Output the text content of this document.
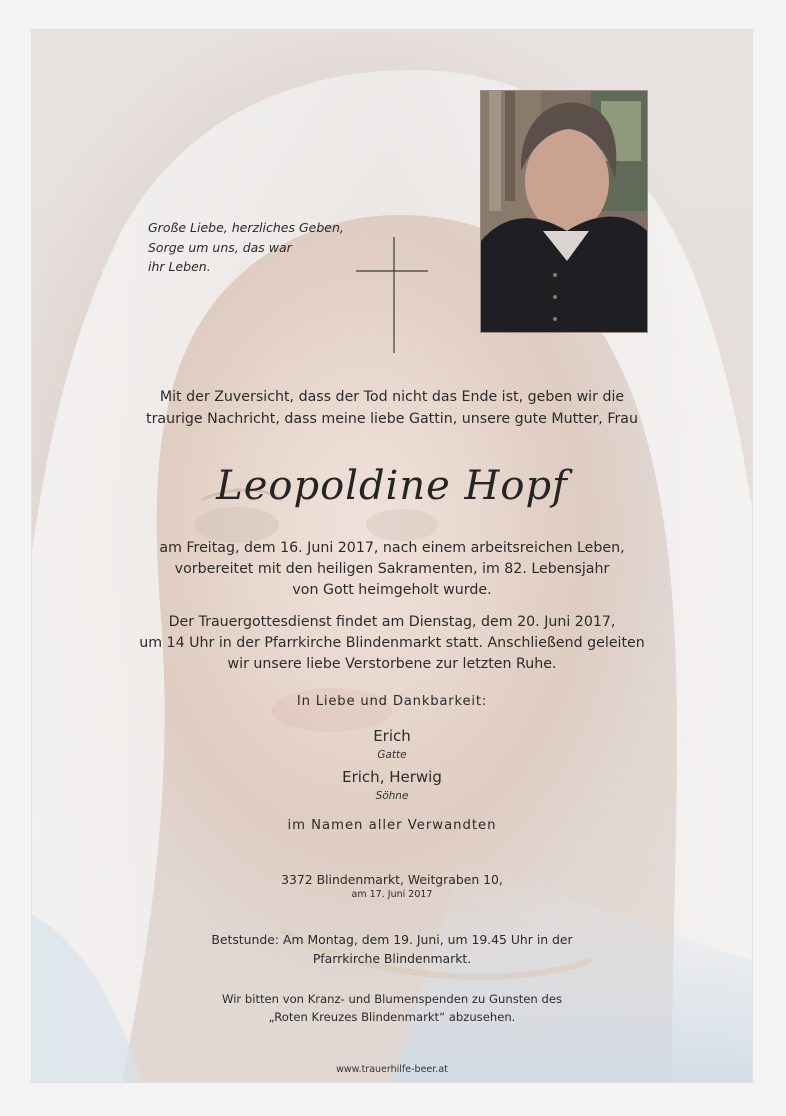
Große Liebe, herzliches Geben,
Sorge um uns, das war
ihr Leben.
Mit der Zuversicht, dass der Tod nicht das Ende ist, geben wir die
traurige Nachricht, dass meine liebe Gattin, unsere gute Mutter, Frau
Leopoldine Hopf
am Freitag, dem 16. Juni 2017, nach einem arbeitsreichen Leben,
vorbereitet mit den heiligen Sakramenten, im 82. Lebensjahr
von Gott heimgeholt wurde.
Der Trauergottesdienst findet am Dienstag, dem 20. Juni 2017,
um 14 Uhr in der Pfarrkirche Blindenmarkt statt. Anschließend geleiten
wir unsere liebe Verstorbene zur letzten Ruhe.
In Liebe und Dankbarkeit:
Erich
Gatte
Erich, Herwig
Söhne
im Namen aller Verwandten
3372 Blindenmarkt, Weitgraben 10,
am 17. Juni 2017
Betstunde: Am Montag, dem 19. Juni, um 19.45 Uhr in der
Pfarrkirche Blindenmarkt.
Wir bitten von Kranz- und Blumenspenden zu Gunsten des
„Roten Kreuzes Blindenmarkt“ abzusehen.
www.trauerhilfe-beer.at
